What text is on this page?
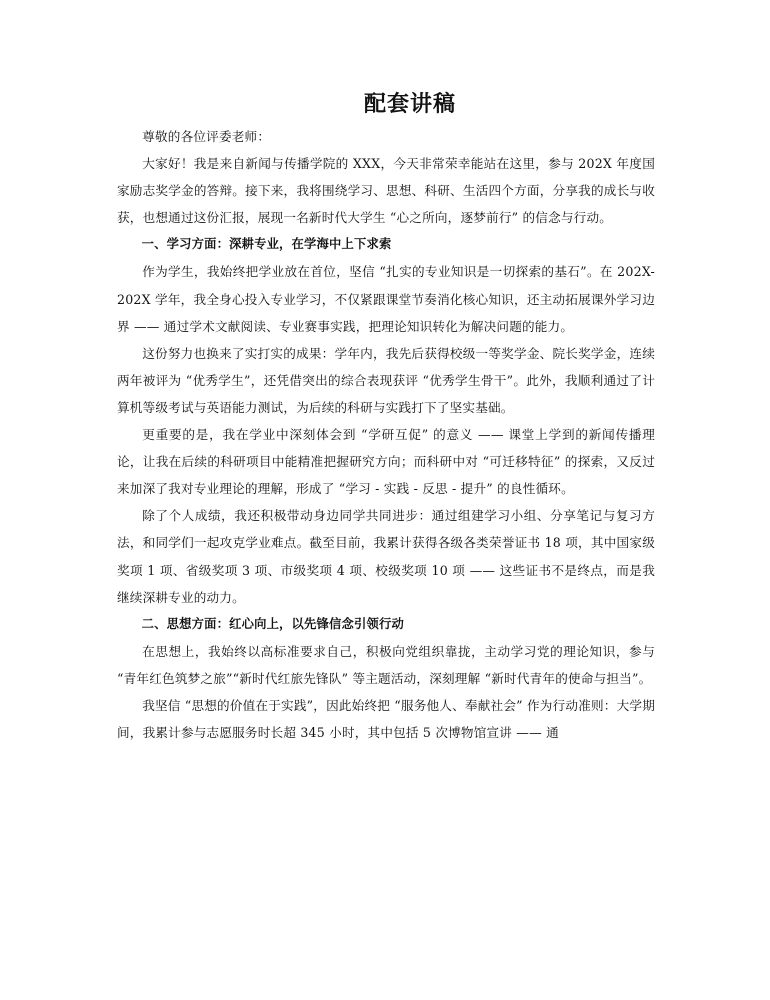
配套讲稿

尊敬的各位评委老师：

大家好！我是来自新闻与传播学院的 XXX，今天非常荣幸能站在这里，参与 202X 年度国家励志奖学金的答辩。接下来，我将围绕学习、思想、科研、生活四个方面，分享我的成长与收获，也想通过这份汇报，展现一名新时代大学生 “心之所向，逐梦前行” 的信念与行动。

一、学习方面：深耕专业，在学海中上下求索

作为学生，我始终把学业放在首位，坚信 “扎实的专业知识是一切探索的基石”。在 202X-202X 学年，我全身心投入专业学习，不仅紧跟课堂节奏消化核心知识，还主动拓展课外学习边界 —— 通过学术文献阅读、专业赛事实践，把理论知识转化为解决问题的能力。

这份努力也换来了实打实的成果：学年内，我先后获得校级一等奖学金、院长奖学金，连续两年被评为 “优秀学生”，还凭借突出的综合表现获评 “优秀学生骨干”。此外，我顺利通过了计算机等级考试与英语能力测试，为后续的科研与实践打下了坚实基础。

更重要的是，我在学业中深刻体会到 “学研互促” 的意义 —— 课堂上学到的新闻传播理论，让我在后续的科研项目中能精准把握研究方向；而科研中对 “可迁移特征” 的探索，又反过来加深了我对专业理论的理解，形成了 “学习 - 实践 - 反思 - 提升” 的良性循环。

除了个人成绩，我还积极带动身边同学共同进步：通过组建学习小组、分享笔记与复习方法，和同学们一起攻克学业难点。截至目前，我累计获得各级各类荣誉证书 18 项，其中国家级奖项 1 项、省级奖项 3 项、市级奖项 4 项、校级奖项 10 项 —— 这些证书不是终点，而是我继续深耕专业的动力。

二、思想方面：红心向上，以先锋信念引领行动

在思想上，我始终以高标准要求自己，积极向党组织靠拢，主动学习党的理论知识，参与 “青年红色筑梦之旅”“新时代红旅先锋队” 等主题活动，深刻理解 “新时代青年的使命与担当”。

我坚信 “思想的价值在于实践”，因此始终把 “服务他人、奉献社会” 作为行动准则：大学期间，我累计参与志愿服务时长超 345 小时，其中包括 5 次博物馆宣讲 —— 通
